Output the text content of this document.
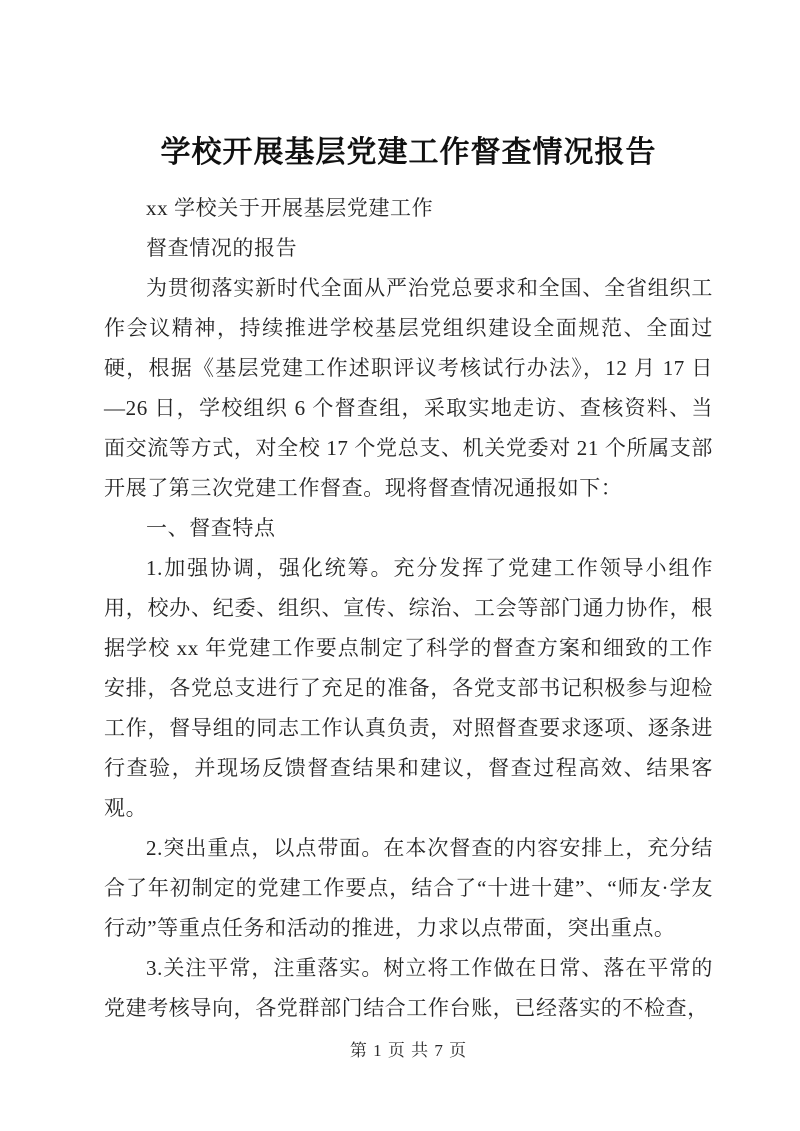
学校开展基层党建工作督查情况报告

xx 学校关于开展基层党建工作

督查情况的报告

为贯彻落实新时代全面从严治党总要求和全国、全省组织工作会议精神，持续推进学校基层党组织建设全面规范、全面过硬，根据《基层党建工作述职评议考核试行办法》，12 月 17 日—26 日，学校组织 6 个督查组，采取实地走访、查核资料、当面交流等方式，对全校 17 个党总支、机关党委对 21 个所属支部开展了第三次党建工作督查。现将督查情况通报如下：

一、督查特点

1.加强协调，强化统筹。充分发挥了党建工作领导小组作用，校办、纪委、组织、宣传、综治、工会等部门通力协作，根据学校 xx 年党建工作要点制定了科学的督查方案和细致的工作安排，各党总支进行了充足的准备，各党支部书记积极参与迎检工作，督导组的同志工作认真负责，对照督查要求逐项、逐条进行查验，并现场反馈督查结果和建议，督查过程高效、结果客观。

2.突出重点，以点带面。在本次督查的内容安排上，充分结合了年初制定的党建工作要点，结合了“十进十建”、“师友·学友行动”等重点任务和活动的推进，力求以点带面，突出重点。

3.关注平常，注重落实。树立将工作做在日常、落在平常的党建考核导向，各党群部门结合工作台账，已经落实的不检查，

第 1 页 共 7 页
